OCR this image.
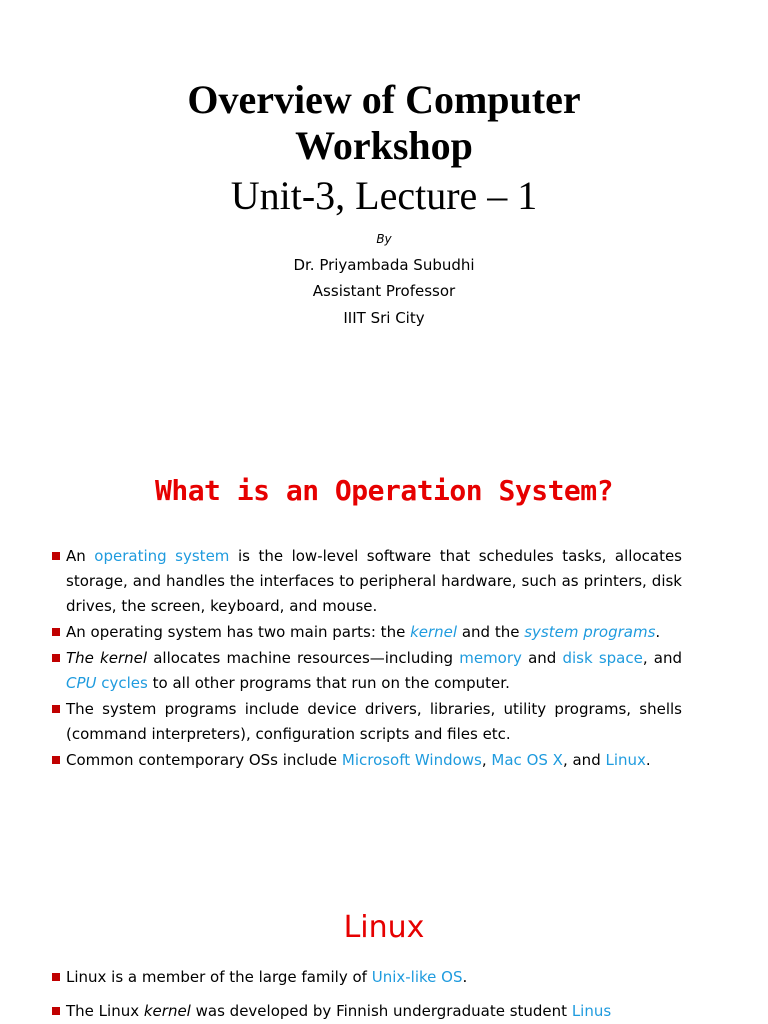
Overview of Computer
Workshop
Unit-3, Lecture – 1
By
Dr. Priyambada Subudhi
Assistant Professor
IIIT Sri City
What is an Operation System?

An operating system is the low-level software that schedules tasks, allocates storage, and handles the interfaces to peripheral hardware, such as printers, disk drives, the screen, keyboard, and mouse.

An operating system has two main parts: the kernel and the system programs.

The kernel allocates machine resources—including memory and disk space, and CPU cycles to all other programs that run on the computer.

The system programs include device drivers, libraries, utility programs, shells (command interpreters), configuration scripts and files etc.

Common contemporary OSs include Microsoft Windows, Mac OS X, and Linux.

Linux

Linux is a member of the large family of Unix-like OS.

The Linux kernel was developed by Finnish undergraduate student Linus
